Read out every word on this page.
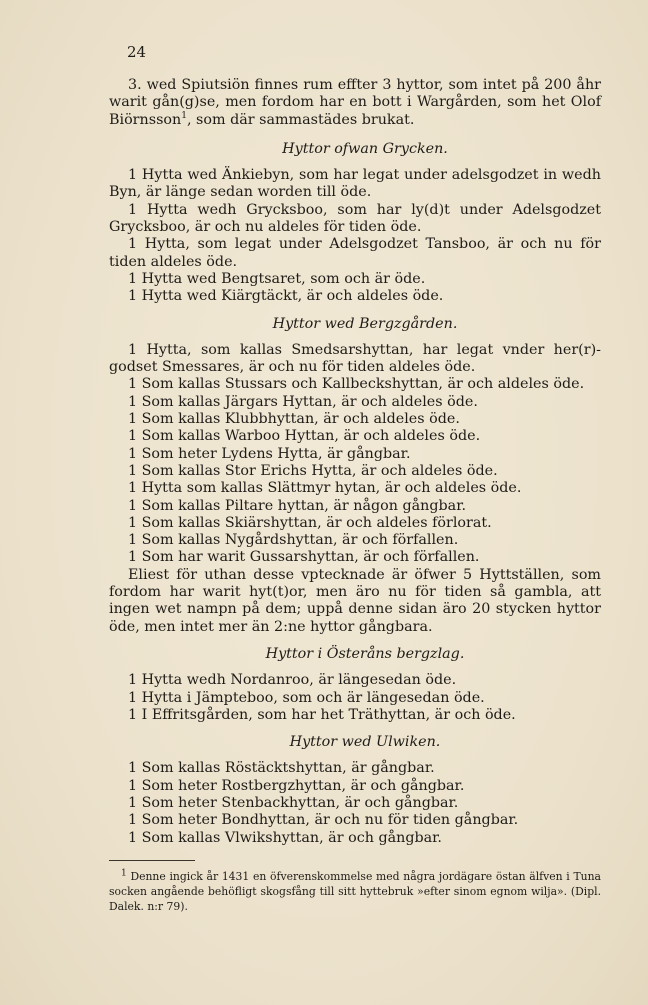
24

3. wed Spiutsiön finnes rum effter 3 hyttor, som intet på 200 åhr warit gån(g)se, men fordom har en bott i Wargården, som het Olof Biörnsson$^1$, som där sammastädes brukat.

Hyttor ofwan Grycken.

1 Hytta wed Änkiebyn, som har legat under adelsgodzet in wedh Byn, är länge sedan worden till öde.

1 Hytta wedh Grycksboo, som har ly(d)t under Adelsgodzet Grycksboo, är och nu aldeles för tiden öde.

1 Hytta, som legat under Adelsgodzet Tansboo, är och nu för tiden aldeles öde.

1 Hytta wed Bengtsaret, som och är öde.

1 Hytta wed Kiärgtäckt, är och aldeles öde.

Hyttor wed Bergzgården.

1 Hytta, som kallas Smedsarshyttan, har legat vnder her(r)-godset Smessares, är och nu för tiden aldeles öde.

1 Som kallas Stussars och Kallbeckshyttan, är och aldeles öde.

1 Som kallas Järgars Hyttan, är och aldeles öde.

1 Som kallas Klubbhyttan, är och aldeles öde.

1 Som kallas Warboo Hyttan, är och aldeles öde.

1 Som heter Lydens Hytta, är gångbar.

1 Som kallas Stor Erichs Hytta, är och aldeles öde.

1 Hytta som kallas Slättmyr hytan, är och aldeles öde.

1 Som kallas Piltare hyttan, är någon gångbar.

1 Som kallas Skiärshyttan, är och aldeles förlorat.

1 Som kallas Nygårdshyttan, är och förfallen.

1 Som har warit Gussarshyttan, är och förfallen.

Eliest för uthan desse vptecknade är öfwer 5 Hyttställen, som fordom har warit hyt(t)or, men äro nu för tiden så gambla, att ingen wet nampn på dem; uppå denne sidan äro 20 stycken hyttor öde, men intet mer än 2:ne hyttor gångbara.

Hyttor i Österåns bergzlag.

1 Hytta wedh Nordanroo, är längesedan öde.

1 Hytta i Jämpteboo, som och är längesedan öde.

1 I Effritsgården, som har het Träthyttan, är och öde.

Hyttor wed Ulwiken.

1 Som kallas Röstäcktshyttan, är gångbar.

1 Som heter Rostbergzhyttan, är och gångbar.

1 Som heter Stenbackhyttan, är och gångbar.

1 Som heter Bondhyttan, är och nu för tiden gångbar.

1 Som kallas Vlwikshyttan, är och gångbar.

$^1$ Denne ingick år 1431 en öfverenskommelse med några jordägare östan älfven i Tuna socken angående behöfligt skogsfång till sitt hyttebruk »efter sinom egnom wilja». (Dipl. Dalek. n:r 79).
